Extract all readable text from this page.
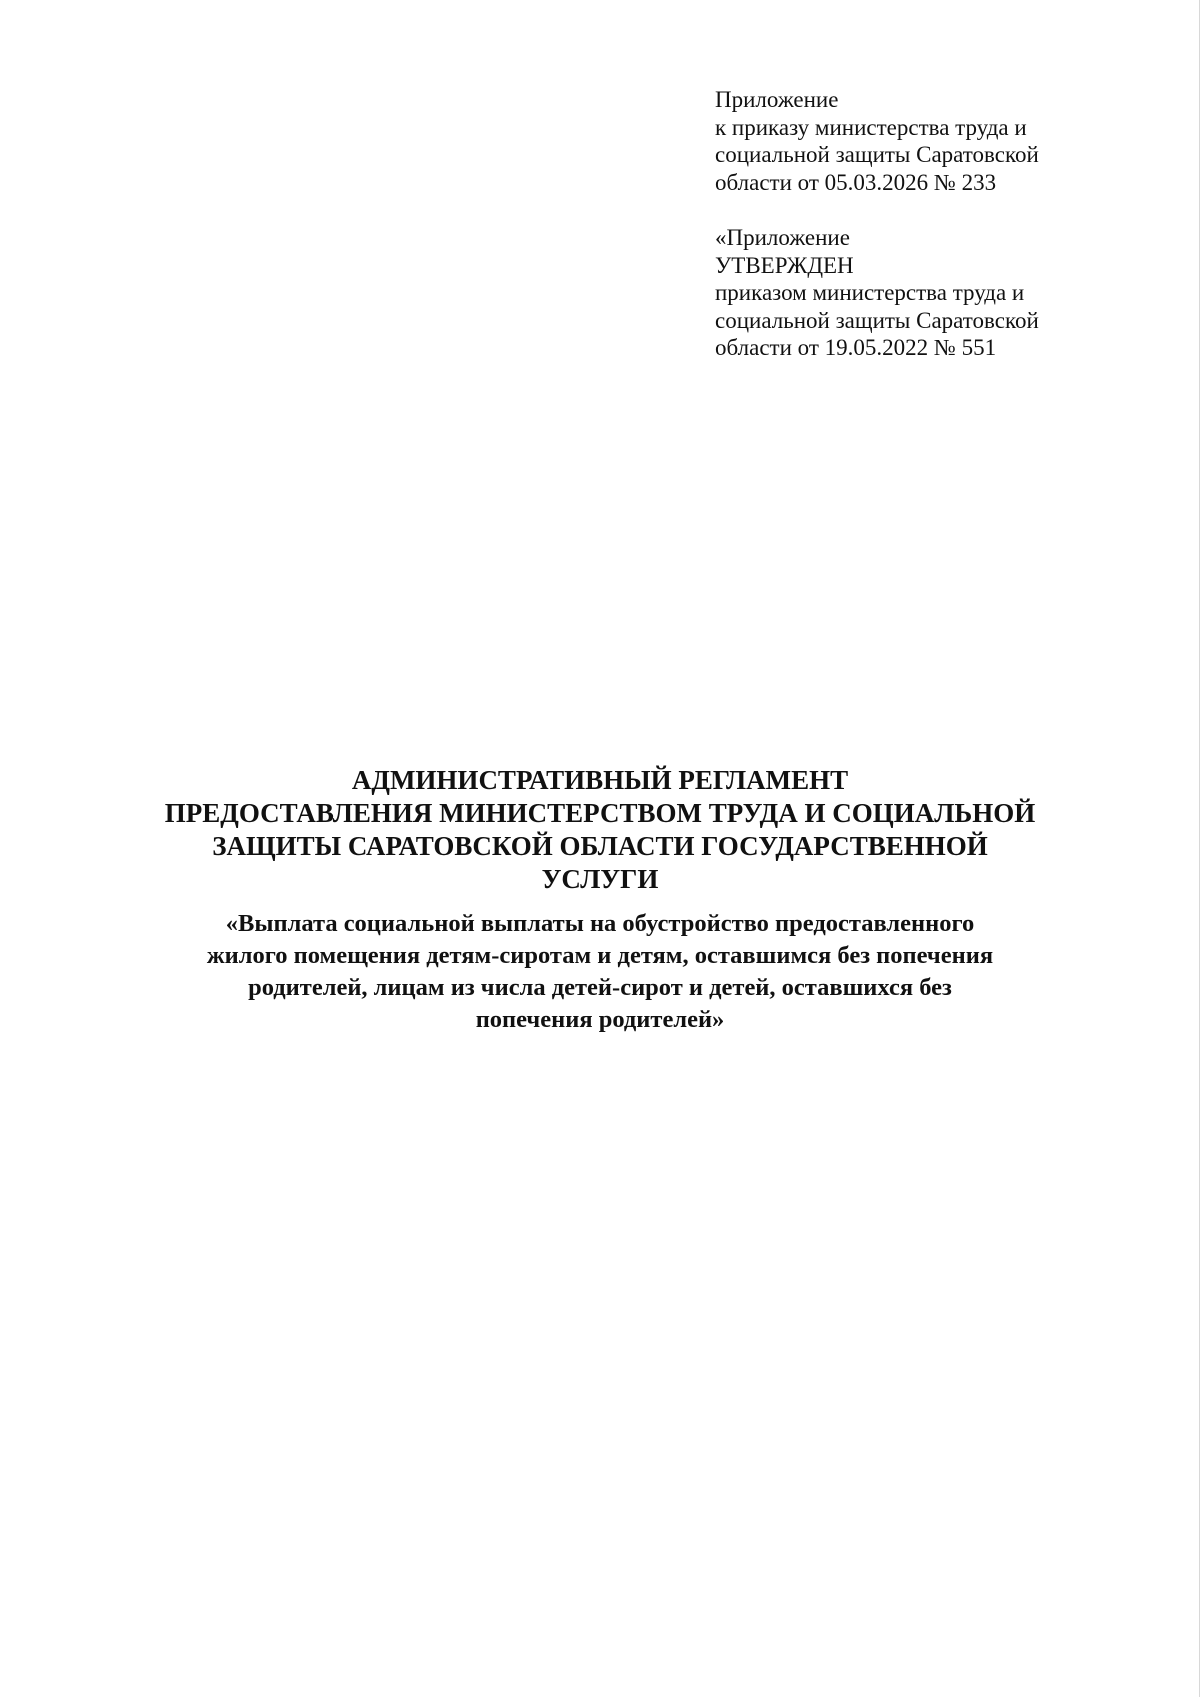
Приложение
к приказу министерства труда и
социальной защиты Саратовской
области от 05.03.2026 № 233

«Приложение
УТВЕРЖДЕН
приказом министерства труда и
социальной защиты Саратовской
области от 19.05.2022 № 551

АДМИНИСТРАТИВНЫЙ РЕГЛАМЕНТ
ПРЕДОСТАВЛЕНИЯ МИНИСТЕРСТВОМ ТРУДА И СОЦИАЛЬНОЙ
ЗАЩИТЫ САРАТОВСКОЙ ОБЛАСТИ ГОСУДАРСТВЕННОЙ
УСЛУГИ
«Выплата социальной выплаты на обустройство предоставленного
жилого помещения детям-сиротам и детям, оставшимся без попечения
родителей, лицам из числа детей-сирот и детей, оставшихся без
попечения родителей»
